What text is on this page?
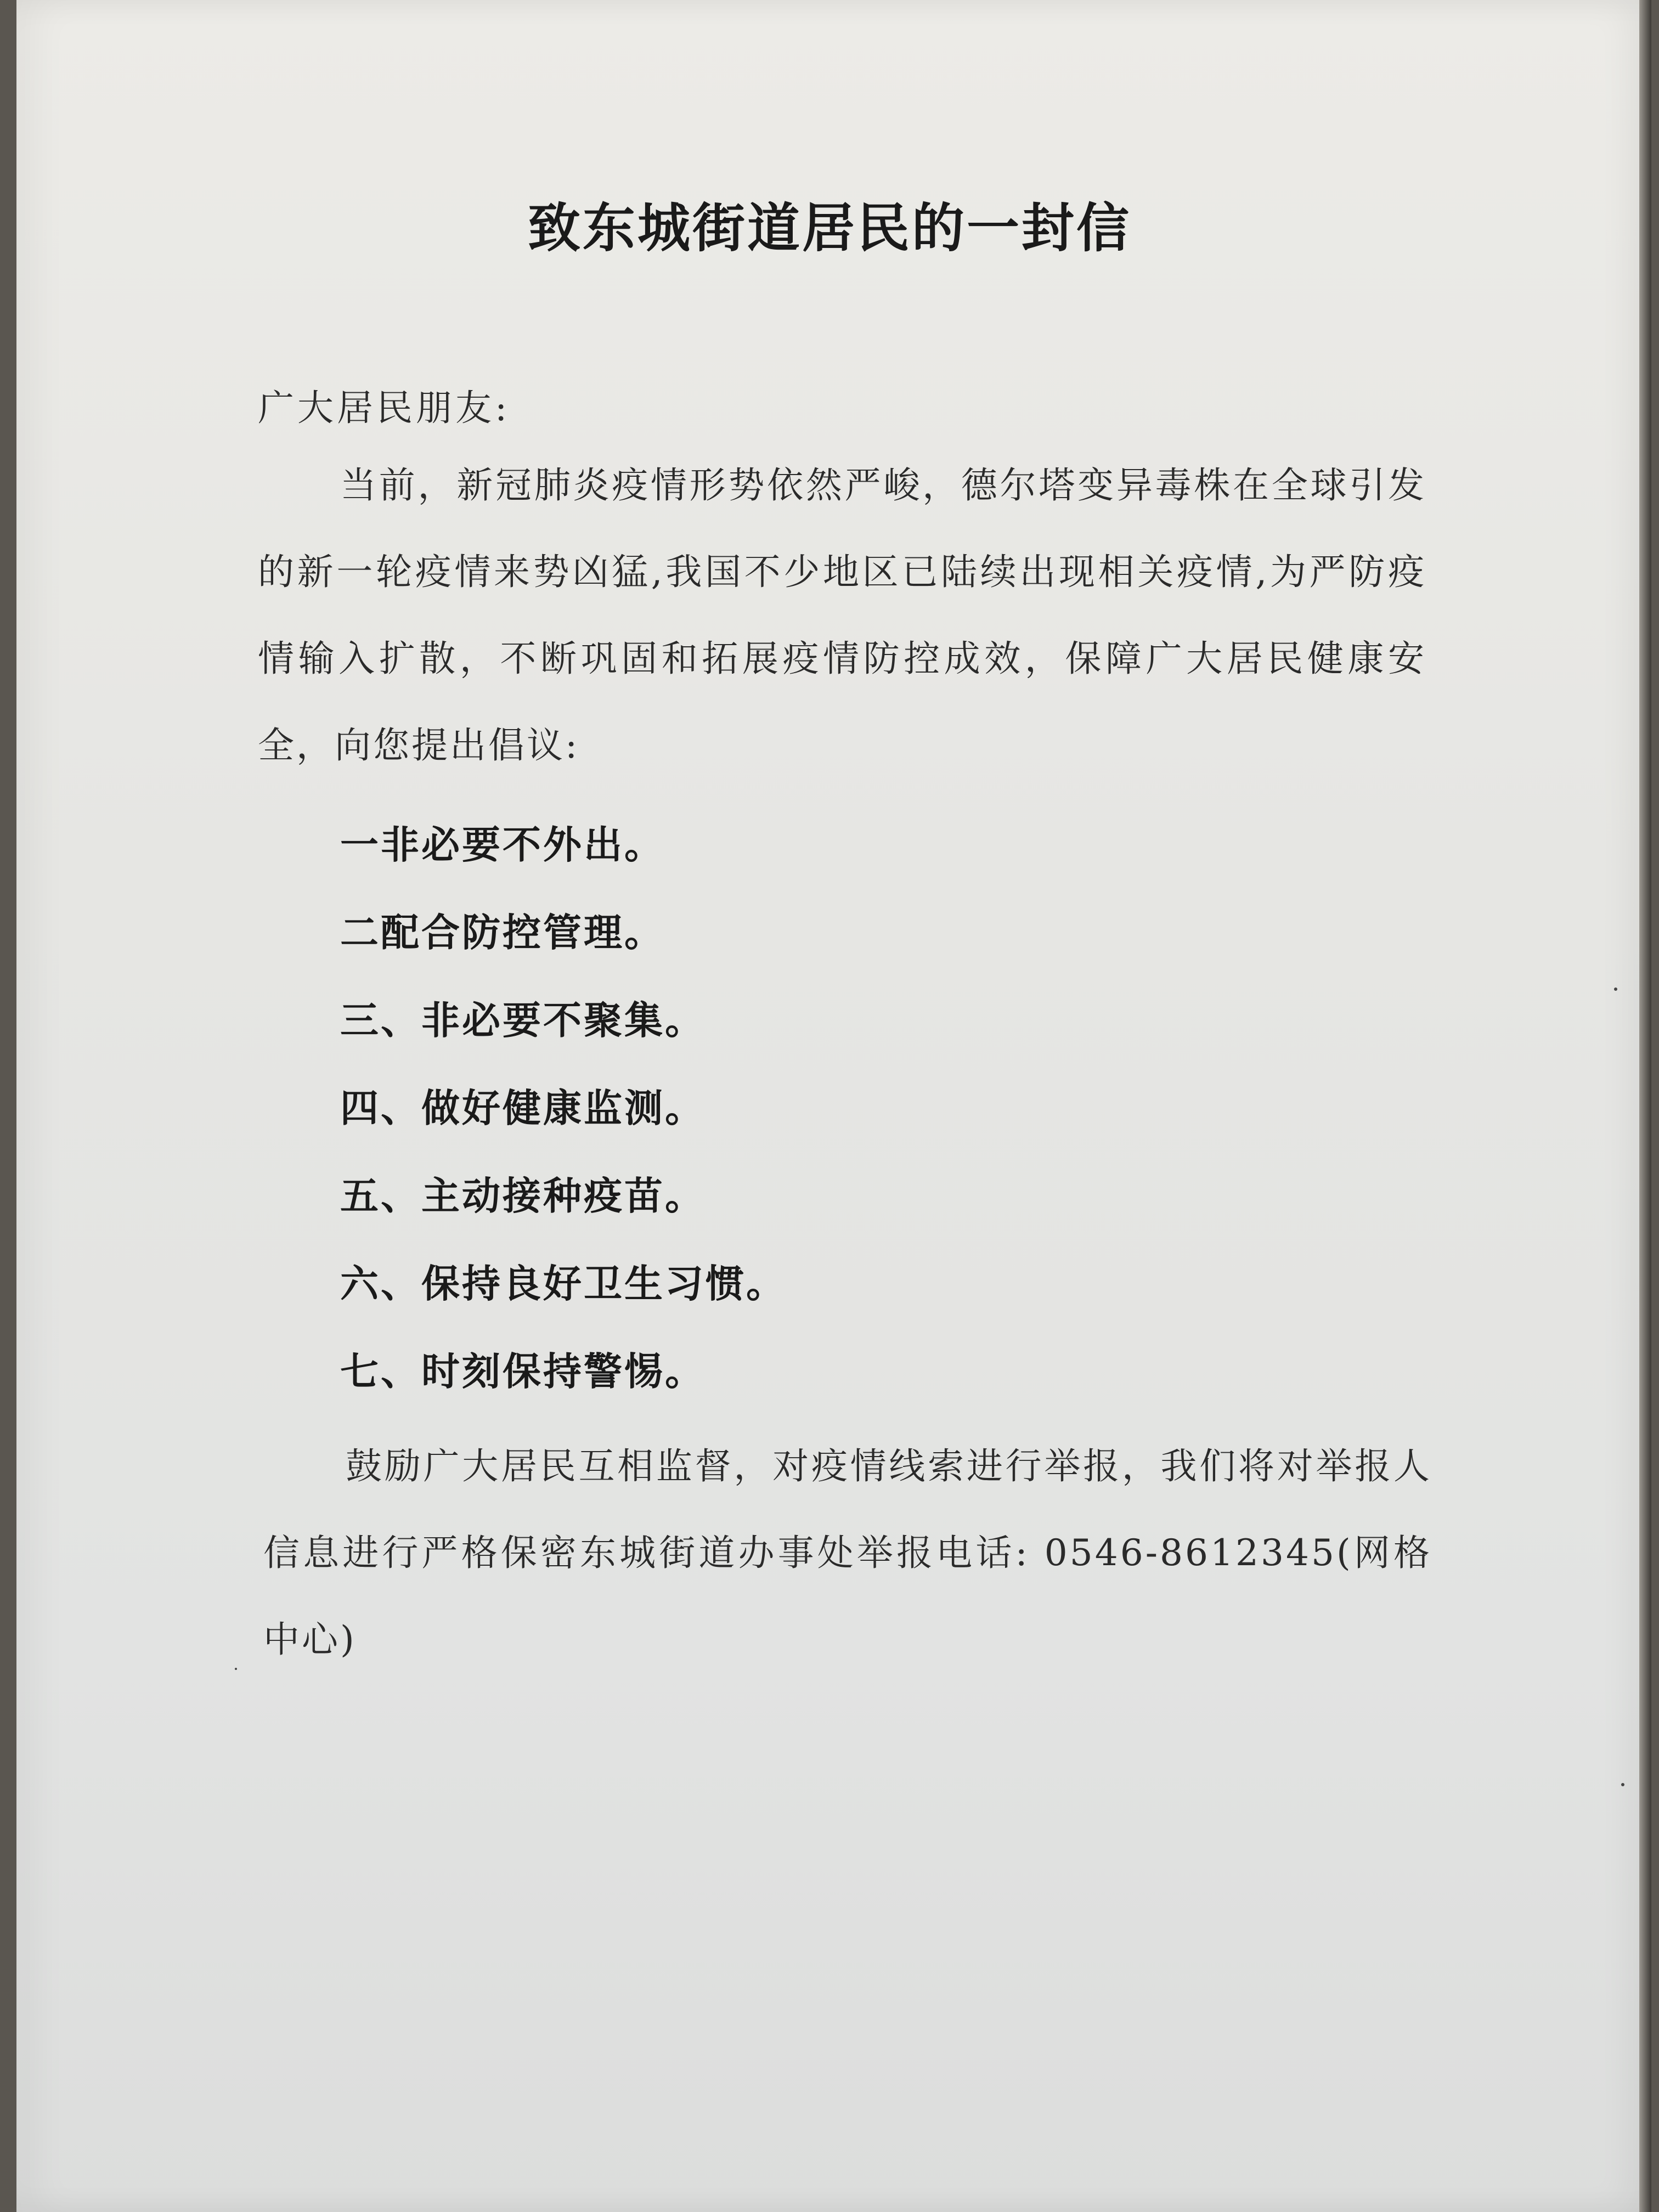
致东城街道居民的一封信

广大居民朋友:

当前，新冠肺炎疫情形势依然严峻，德尔塔变异毒株在全球引发的新一轮疫情来势凶猛,我国不少地区已陆续出现相关疫情,为严防疫情输入扩散，不断巩固和拓展疫情防控成效，保障广大居民健康安全，向您提出倡议:

一非必要不外出。
二配合防控管理。
三、非必要不聚集。
四、做好健康监测。
五、主动接种疫苗。
六、保持良好卫生习惯。
七、时刻保持警惕。

鼓励广大居民互相监督，对疫情线索进行举报，我们将对举报人信息进行严格保密东城街道办事处举报电话: 0546-8612345(网格中心)
